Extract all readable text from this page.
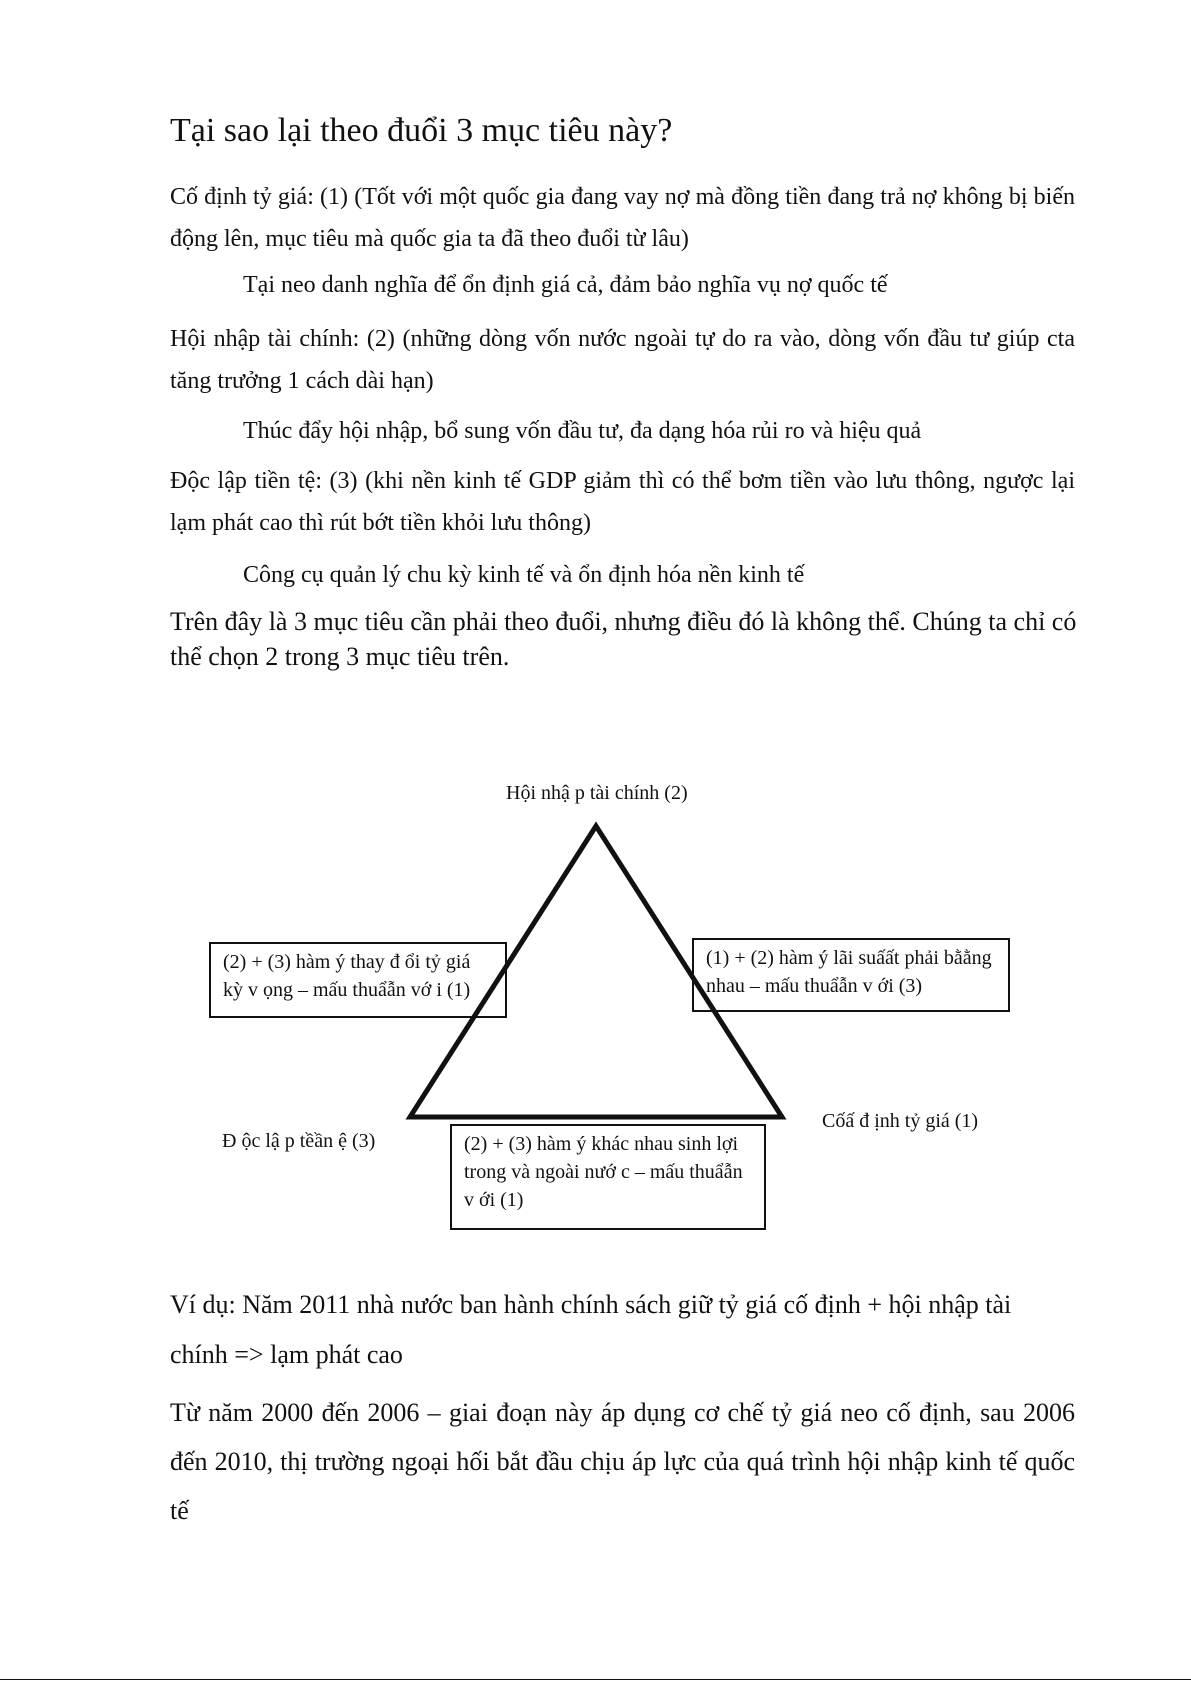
Tại sao lại theo đuổi 3 mục tiêu này?
Cố định tỷ giá: (1) (Tốt với một quốc gia đang vay nợ mà đồng tiền đang trả nợ không bị biến động lên, mục tiêu mà quốc gia ta đã theo đuổi từ lâu)
Tại neo danh nghĩa để ổn định giá cả, đảm bảo nghĩa vụ nợ quốc tế
Hội nhập tài chính: (2) (những dòng vốn nước ngoài tự do ra vào, dòng vốn đầu tư giúp cta tăng trưởng 1 cách dài hạn)
Thúc đẩy hội nhập, bổ sung vốn đầu tư, đa dạng hóa rủi ro và hiệu quả
Độc lập tiền tệ: (3) (khi nền kinh tế GDP giảm thì có thể bơm tiền vào lưu thông, ngược lại lạm phát cao thì rút bớt tiền khỏi lưu thông)
Công cụ quản lý chu kỳ kinh tế và ổn định hóa nền kinh tế
Trên đây là 3 mục tiêu cần phải theo đuổi, nhưng điều đó là không thể. Chúng ta chỉ có thể chọn 2 trong 3 mục tiêu trên.
Hội nhậ p tài chính (2)
Đ ộc lậ p tềần ệ (3)
Cốấ đ ịnh tỷ giá (1)
(2) + (3) hàm ý thay đ ổi tỷ giá kỳ v ọng – mấu thuẩẫn vớ i (1)
(1) + (2) hàm ý lãi suấất phải bằằng nhau – mấu thuẩẫn v ới (3)
(2) + (3) hàm ý khác nhau sinh lợi trong và ngoài nướ c – mấu thuẩẫn v ới (1)
Ví dụ: Năm 2011 nhà nước ban hành chính sách giữ tỷ giá cố định + hội nhập tài chính => lạm phát cao
Từ năm 2000 đến 2006 – giai đoạn này áp dụng cơ chế tỷ giá neo cố định, sau 2006 đến 2010, thị trường ngoại hối bắt đầu chịu áp lực của quá trình hội nhập kinh tế quốc tế
